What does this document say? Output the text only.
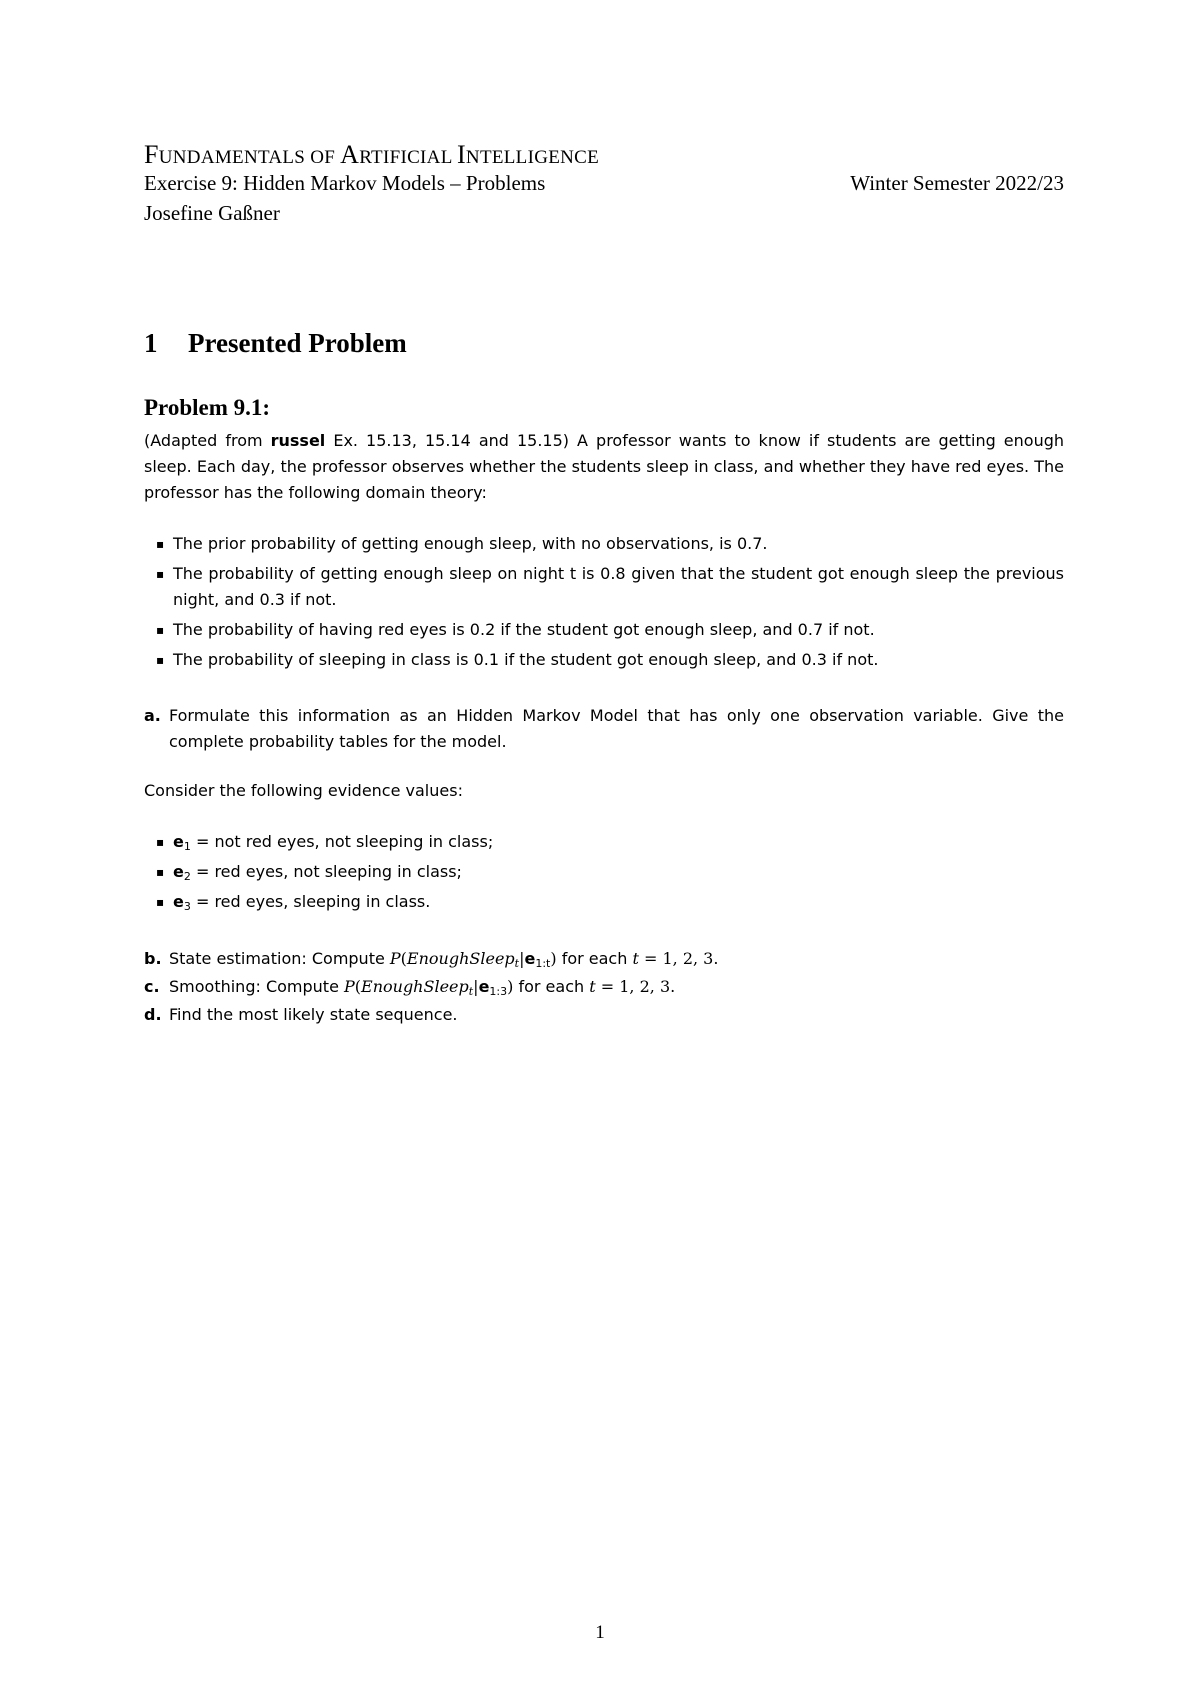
FUNDAMENTALS OF ARTIFICIAL INTELLIGENCE
Exercise 9: Hidden Markov Models – Problems	Winter Semester 2022/23
Josefine Gaßner
1 Presented Problem
Problem 9.1:
(Adapted from russel Ex. 15.13, 15.14 and 15.15) A professor wants to know if students are getting enough sleep. Each day, the professor observes whether the students sleep in class, and whether they have red eyes. The professor has the following domain theory:
▪ The prior probability of getting enough sleep, with no observations, is 0.7.
▪ The probability of getting enough sleep on night t is 0.8 given that the student got enough sleep the previous night, and 0.3 if not.
▪ The probability of having red eyes is 0.2 if the student got enough sleep, and 0.7 if not.
▪ The probability of sleeping in class is 0.1 if the student got enough sleep, and 0.3 if not.
a. Formulate this information as an Hidden Markov Model that has only one observation variable. Give the complete probability tables for the model.
Consider the following evidence values:
▪ $e_1$ = not red eyes, not sleeping in class;
▪ $e_2$ = red eyes, not sleeping in class;
▪ $e_3$ = red eyes, sleeping in class.
b. State estimation: Compute $P(EnoughSleep_t|e_{1:t})$ for each t = 1, 2, 3.
c. Smoothing: Compute $P(EnoughSleep_t|e_{1:3})$ for each t = 1, 2, 3.
d. Find the most likely state sequence.
1
